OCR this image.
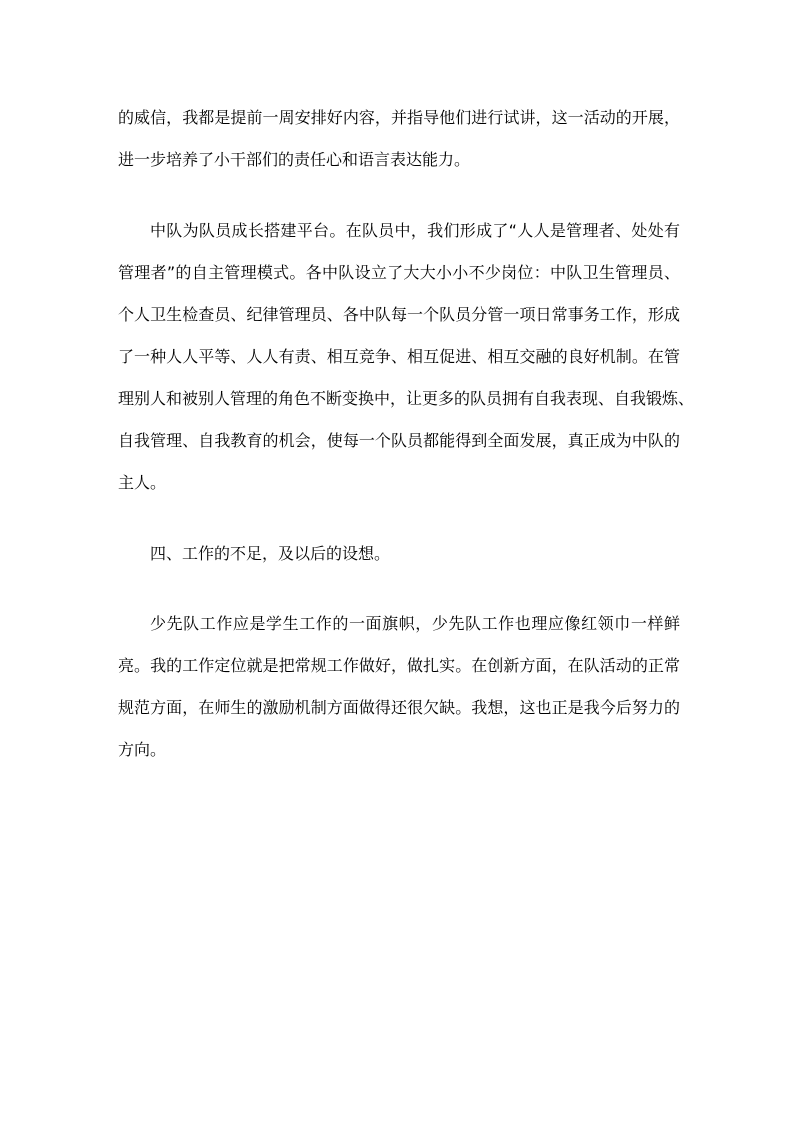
的威信，我都是提前一周安排好内容，并指导他们进行试讲，这一活动的开展，
进一步培养了小干部们的责任心和语言表达能力。
中队为队员成长搭建平台。在队员中，我们形成了“人人是管理者、处处有
管理者”的自主管理模式。各中队设立了大大小小不少岗位：中队卫生管理员、
个人卫生检查员、纪律管理员、各中队每一个队员分管一项日常事务工作，形成
了一种人人平等、人人有责、相互竞争、相互促进、相互交融的良好机制。在管
理别人和被别人管理的角色不断变换中，让更多的队员拥有自我表现、自我锻炼、
自我管理、自我教育的机会，使每一个队员都能得到全面发展，真正成为中队的
主人。
四、工作的不足，及以后的设想。
少先队工作应是学生工作的一面旗帜，少先队工作也理应像红领巾一样鲜
亮。我的工作定位就是把常规工作做好，做扎实。在创新方面，在队活动的正常
规范方面，在师生的激励机制方面做得还很欠缺。我想，这也正是我今后努力的
方向。
